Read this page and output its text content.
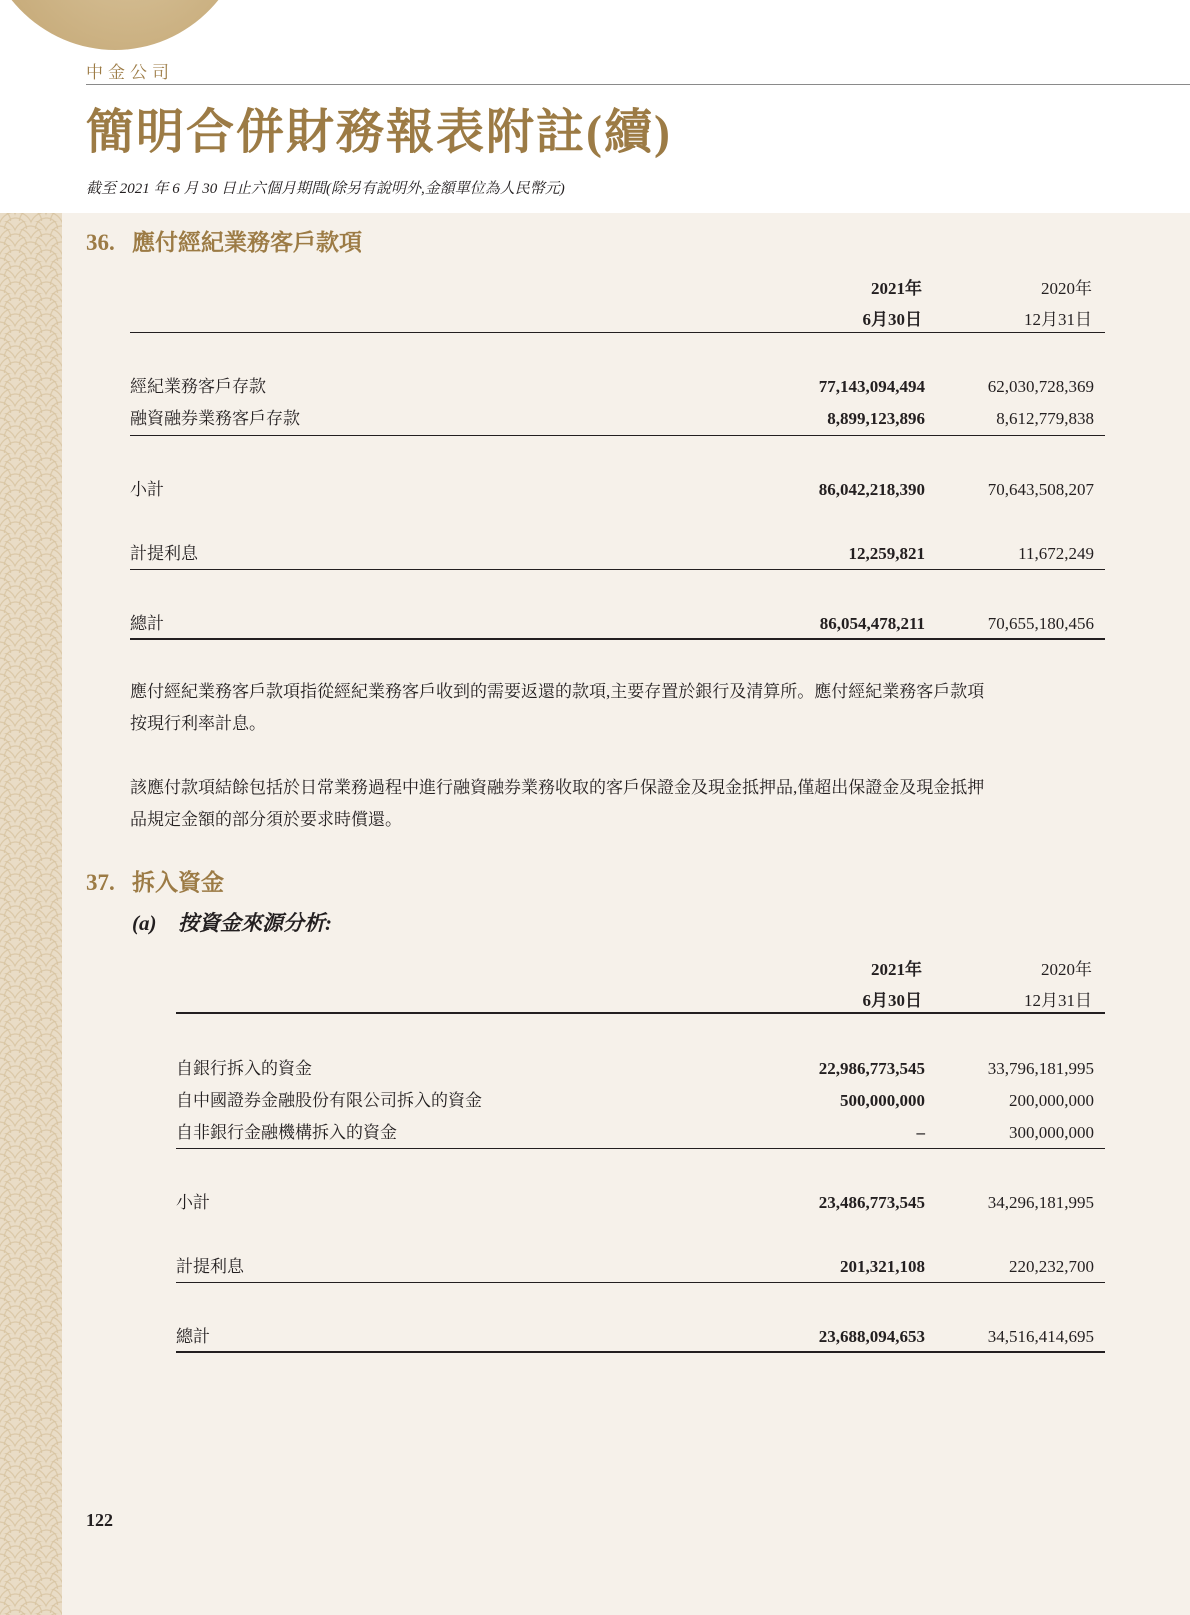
中金公司
簡明合併財務報表附註(續)
截至 2021 年 6 月 30 日止六個月期間(除另有說明外,金額單位為人民幣元)
36. 應付經紀業務客戶款項
2021年
6月30日
2020年
12月31日
經紀業務客戶存款	77,143,094,494	62,030,728,369
融資融券業務客戶存款	8,899,123,896	8,612,779,838
小計	86,042,218,390	70,643,508,207
計提利息	12,259,821	11,672,249
總計	86,054,478,211	70,655,180,456
應付經紀業務客戶款項指從經紀業務客戶收到的需要返還的款項,主要存置於銀行及清算所。應付經紀業務客戶款項
按現行利率計息。
該應付款項結餘包括於日常業務過程中進行融資融券業務收取的客戶保證金及現金抵押品,僅超出保證金及現金抵押
品規定金額的部分須於要求時償還。
37. 拆入資金
(a) 按資金來源分析:
2021年
6月30日
2020年
12月31日
自銀行拆入的資金	22,986,773,545	33,796,181,995
自中國證券金融股份有限公司拆入的資金	500,000,000	200,000,000
自非銀行金融機構拆入的資金	–	300,000,000
小計	23,486,773,545	34,296,181,995
計提利息	201,321,108	220,232,700
總計	23,688,094,653	34,516,414,695
122
